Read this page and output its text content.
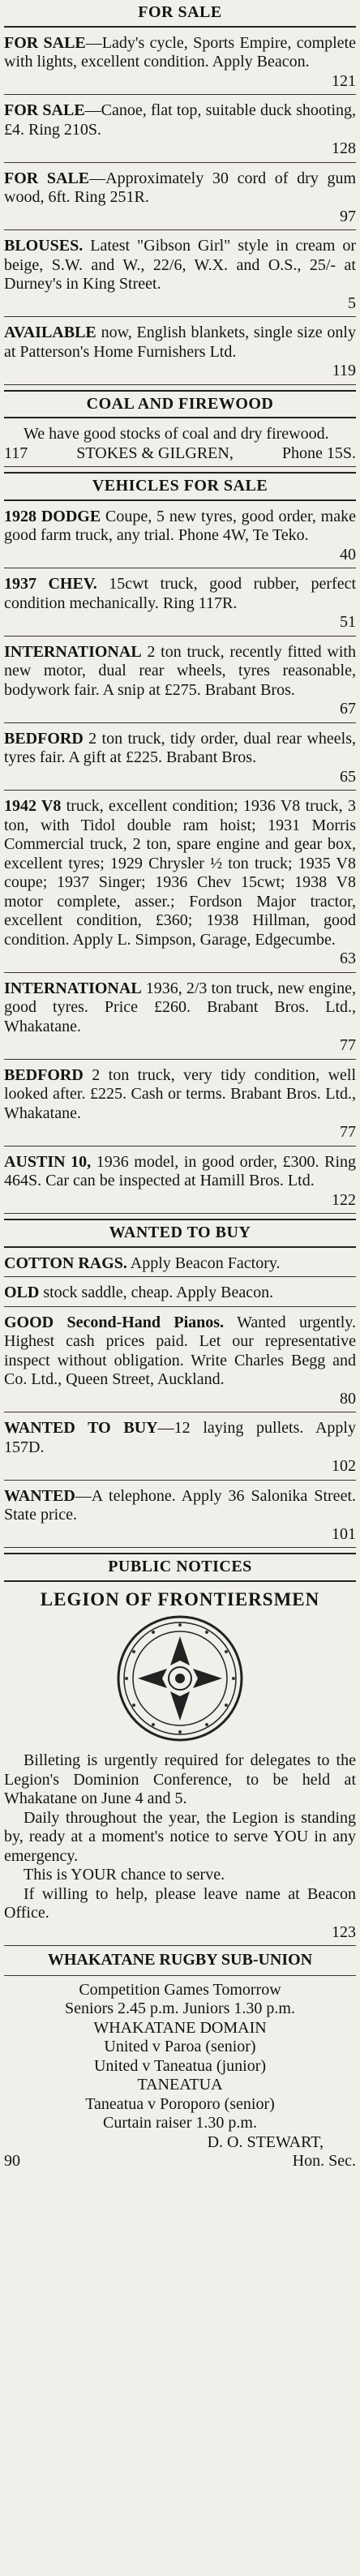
FOR SALE
FOR SALE—Lady's cycle, Sports Empire, complete with lights, excellent condition. Apply Beacon.
121
FOR SALE—Canoe, flat top, suitable duck shooting, £4. Ring 210S.
128
FOR SALE—Approximately 30 cord of dry gum wood, 6ft. Ring 251R.
97
BLOUSES. Latest "Gibson Girl" style in cream or beige, S.W. and W., 22/6, W.X. and O.S., 25/- at Durney's in King Street.
5
AVAILABLE now, English blankets, single size only at Patterson's Home Furnishers Ltd.
119
COAL AND FIREWOOD
We have good stocks of coal and dry firewood.
117	STOKES & GILGREN,	Phone 15S.
VEHICLES FOR SALE
1928 DODGE Coupe, 5 new tyres, good order, make good farm truck, any trial. Phone 4W, Te Teko.
40
1937 CHEV. 15cwt truck, good rubber, perfect condition mechanically. Ring 117R.
51
INTERNATIONAL 2 ton truck, recently fitted with new motor, dual rear wheels, tyres reasonable, bodywork fair. A snip at £275. Brabant Bros.
67
BEDFORD 2 ton truck, tidy order, dual rear wheels, tyres fair. A gift at £225. Brabant Bros.
65
1942 V8 truck, excellent condition; 1936 V8 truck, 3 ton, with Tidol double ram hoist; 1931 Morris Commercial truck, 2 ton, spare engine and gear box, excellent tyres; 1929 Chrysler ½ ton truck; 1935 V8 coupe; 1937 Singer; 1936 Chev 15cwt; 1938 V8 motor complete, asser.; Fordson Major tractor, excellent condition, £360; 1938 Hillman, good condition. Apply L. Simpson, Garage, Edgecumbe.
63
INTERNATIONAL 1936, 2/3 ton truck, new engine, good tyres. Price £260. Brabant Bros. Ltd., Whakatane.
77
BEDFORD 2 ton truck, very tidy condition, well looked after. £225. Cash or terms. Brabant Bros. Ltd., Whakatane.
77
AUSTIN 10, 1936 model, in good order, £300. Ring 464S. Car can be inspected at Hamill Bros. Ltd.
122
WANTED TO BUY
COTTON RAGS. Apply Beacon Factory.
OLD stock saddle, cheap. Apply Beacon.
GOOD Second-Hand Pianos. Wanted urgently. Highest cash prices paid. Let our representative inspect without obligation. Write Charles Begg and Co. Ltd., Queen Street, Auckland.
80
WANTED TO BUY—12 laying pullets. Apply 157D.
102
WANTED—A telephone. Apply 36 Salonika Street. State price.
101
PUBLIC NOTICES
LEGION OF FRONTIERSMEN

Billeting is urgently required for delegates to the Legion's Dominion Conference, to be held at Whakatane on June 4 and 5.

Daily throughout the year, the Legion is standing by, ready at a moment's notice to serve YOU in any emergency.

This is YOUR chance to serve.

If willing to help, please leave name at Beacon Office.
123

WHAKATANE RUGBY SUB-UNION

Competition Games Tomorrow

Seniors 2.45 p.m. Juniors 1.30 p.m.

WHAKATANE DOMAIN

United v Paroa (senior)

United v Taneatua (junior)

TANEATUA

Taneatua v Poroporo (senior)

Curtain raiser 1.30 p.m.

D. O. STEWART,

90	Hon. Sec.
